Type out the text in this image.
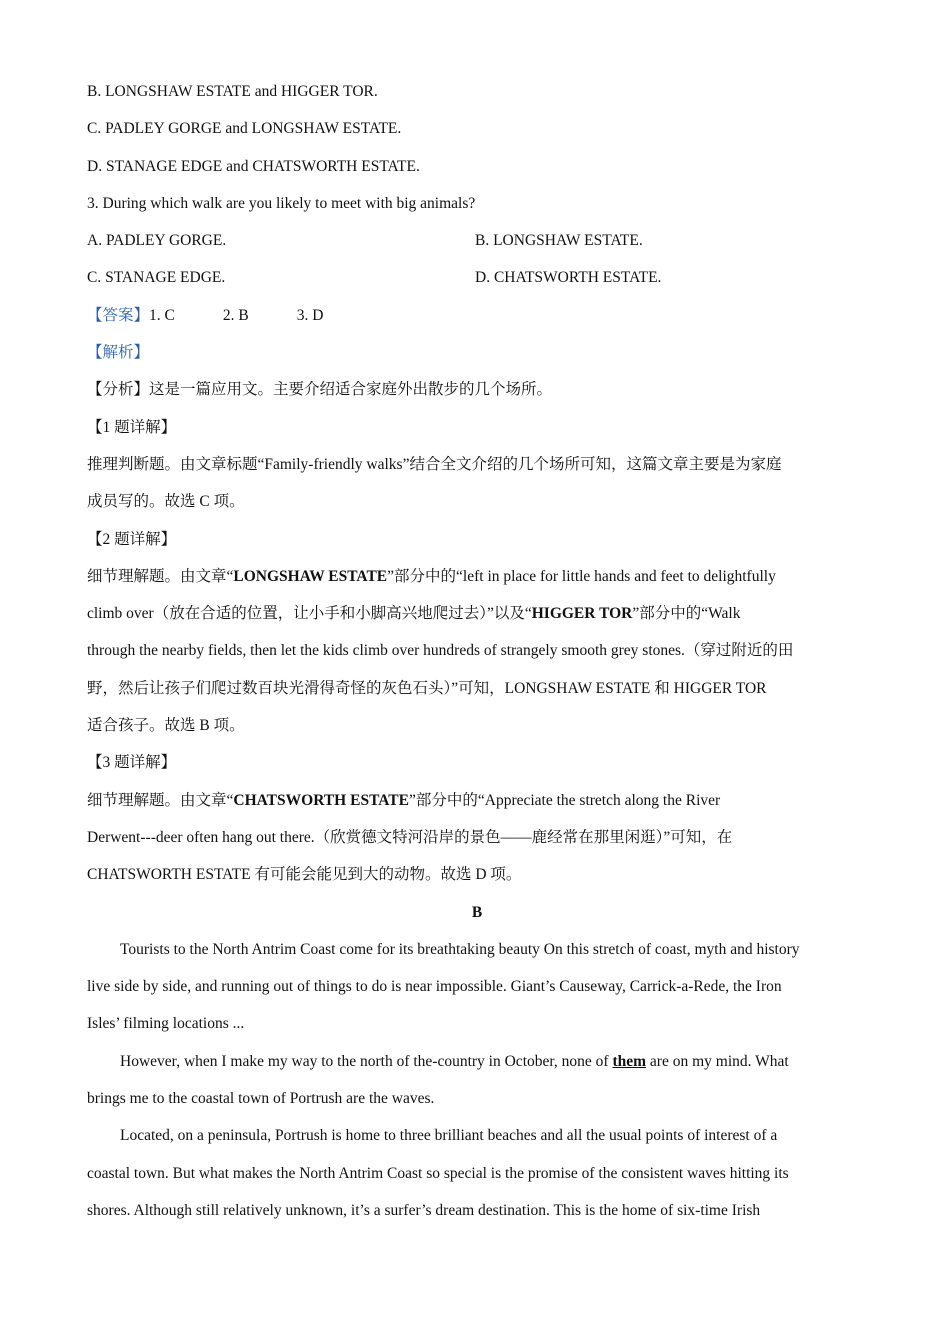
B. LONGSHAW ESTATE and HIGGER TOR.
C. PADLEY GORGE and LONGSHAW ESTATE.
D. STANAGE EDGE and CHATSWORTH ESTATE.
3. During which walk are you likely to meet with big animals?
A. PADLEY GORGE.	B. LONGSHAW ESTATE.
C. STANAGE EDGE.	D. CHATSWORTH ESTATE.
【答案】1. C	2. B	3. D
【解析】
【分析】这是一篇应用文。主要介绍适合家庭外出散步的几个场所。
【1 题详解】
推理判断题。由文章标题“Family-friendly walks”结合全文介绍的几个场所可知，这篇文章主要是为家庭
成员写的。故选 C 项。
【2 题详解】
细节理解题。由文章“LONGSHAW ESTATE”部分中的“left in place for little hands and feet to delightfully
climb over（放在合适的位置，让小手和小脚高兴地爬过去）”以及“HIGGER TOR”部分中的“Walk
through the nearby fields, then let the kids climb over hundreds of strangely smooth grey stones.（穿过附近的田
野，然后让孩子们爬过数百块光滑得奇怪的灰色石头）”可知，LONGSHAW ESTATE 和 HIGGER TOR
适合孩子。故选 B 项。
【3 题详解】
细节理解题。由文章“CHATSWORTH ESTATE”部分中的“Appreciate the stretch along the River
Derwent---deer often hang out there.（欣赏德文特河沿岸的景色——鹿经常在那里闲逛）”可知，在
CHATSWORTH ESTATE 有可能会能见到大的动物。故选 D 项。
B
Tourists to the North Antrim Coast come for its breathtaking beauty On this stretch of coast, myth and history
live side by side, and running out of things to do is near impossible. Giant’s Causeway, Carrick-a-Rede, the Iron
Isles’ filming locations ...
However, when I make my way to the north of the-country in October, none of them are on my mind. What
brings me to the coastal town of Portrush are the waves.
Located, on a peninsula, Portrush is home to three brilliant beaches and all the usual points of interest of a
coastal town. But what makes the North Antrim Coast so special is the promise of the consistent waves hitting its
shores. Although still relatively unknown, it’s a surfer’s dream destination. This is the home of six-time Irish
